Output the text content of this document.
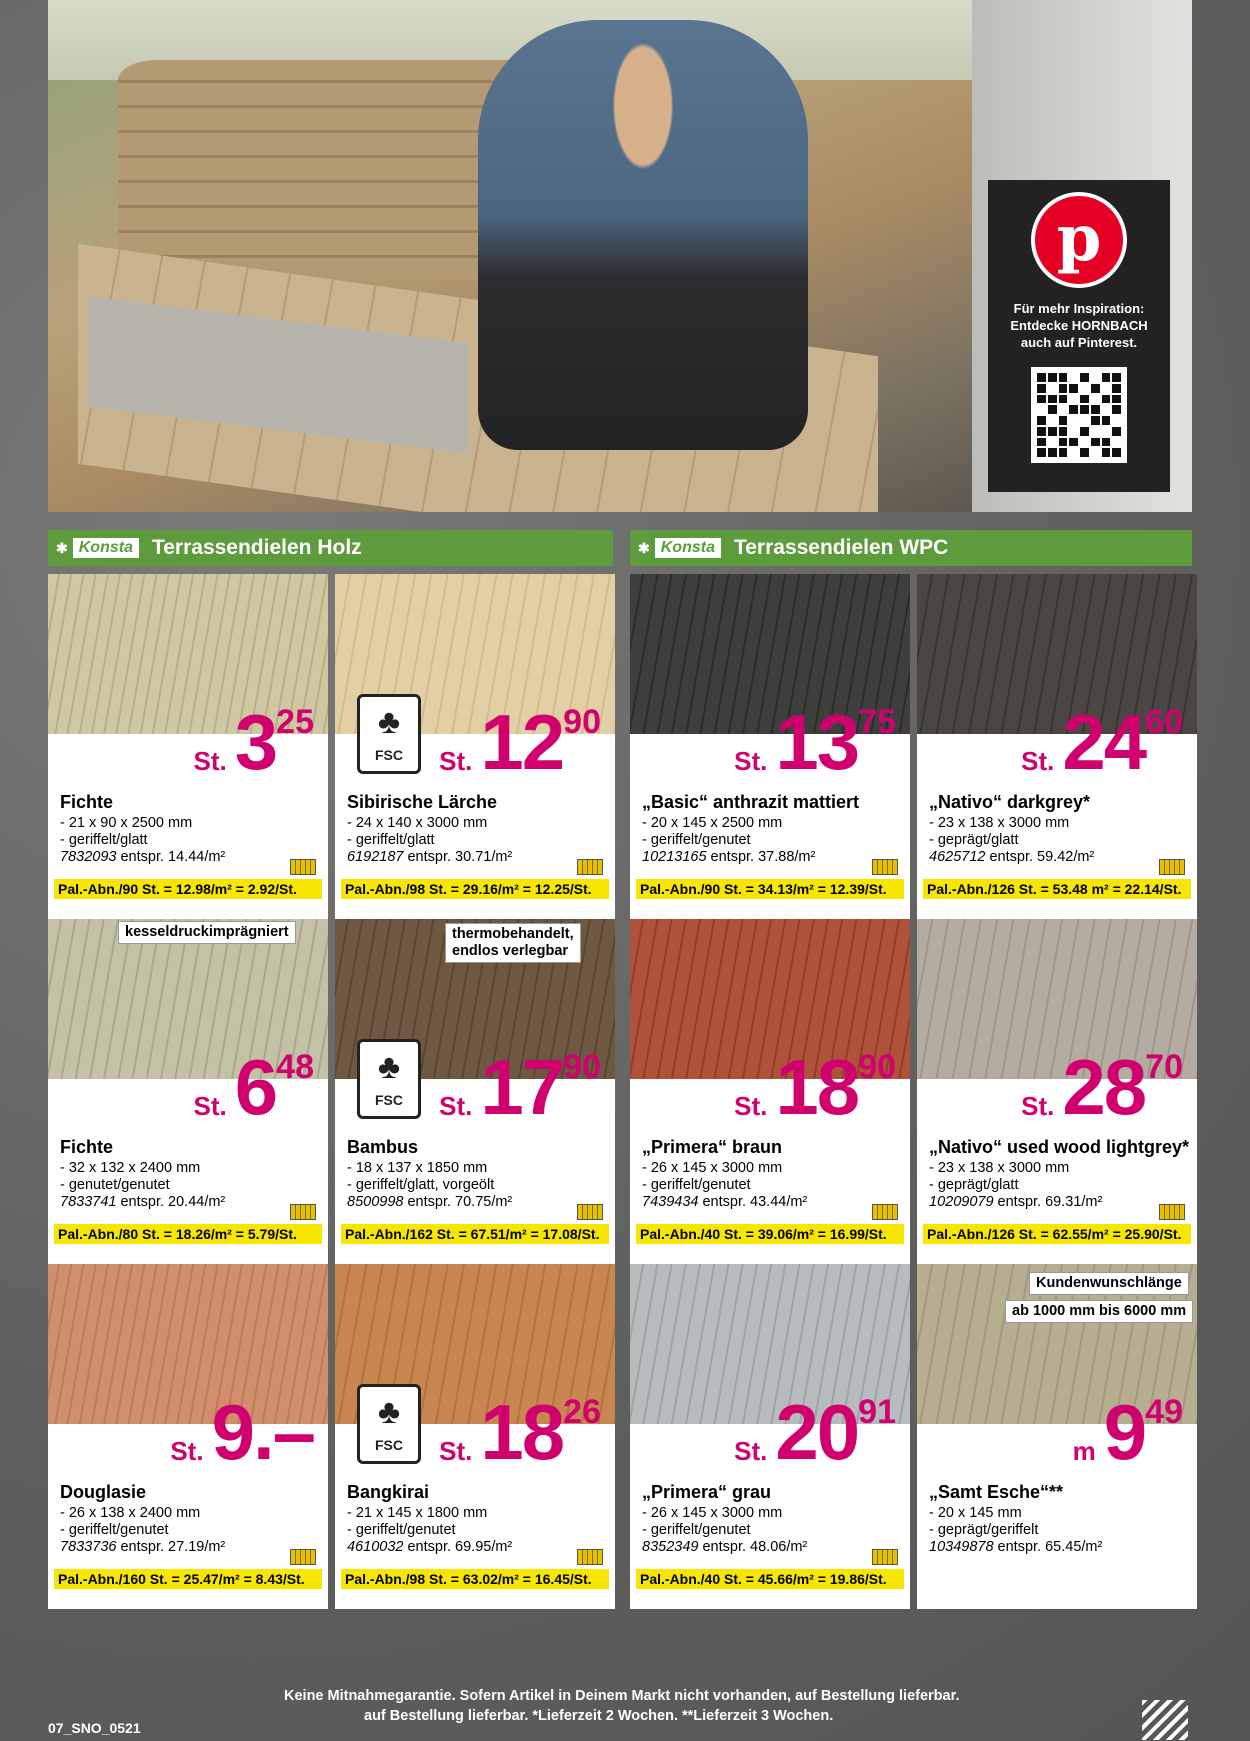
p
Für mehr Inspiration:
Entdecke HORNBACH
auch auf Pinterest.
✱ Konsta Terrassendielen Holz	✱ Konsta Terrassendielen WPC
St. 3 25
Fichte
- 21 x 90 x 2500 mm
- geriffelt/glatt
7832093 entspr. 14.44/m²
Pal.-Abn./90 St. = 12.98/m² = 2.92/St.
♣
FSC	St. 12 90
Sibirische Lärche
- 24 x 140 x 3000 mm
- geriffelt/glatt
6192187 entspr. 30.71/m²
Pal.-Abn./98 St. = 29.16/m² = 12.25/St.
St. 13 75
„Basic“ anthrazit mattiert
- 20 x 145 x 2500 mm
- geriffelt/genutet
10213165 entspr. 37.88/m²
Pal.-Abn./90 St. = 34.13/m² = 12.39/St.
St. 24 60
„Nativo“ darkgrey*
- 23 x 138 x 3000 mm
- geprägt/glatt
4625712 entspr. 59.42/m²
Pal.-Abn./126 St. = 53.48 m² = 22.14/St.
St. 6 48
Fichte
- 32 x 132 x 2400 mm
- genutet/genutet
7833741 entspr. 20.44/m²
Pal.-Abn./80 St. = 18.26/m² = 5.79/St.
kesseldruckimprägniert
♣
FSC	St. 17 90
Bambus
- 18 x 137 x 1850 mm
- geriffelt/glatt, vorgeölt
8500998 entspr. 70.75/m²
Pal.-Abn./162 St. = 67.51/m² = 17.08/St.
thermobehandelt,
endlos verlegbar
St. 18 90
„Primera“ braun
- 26 x 145 x 3000 mm
- geriffelt/genutet
7439434 entspr. 43.44/m²
Pal.-Abn./40 St. = 39.06/m² = 16.99/St.
St. 28 70
„Nativo“ used wood lightgrey*
- 23 x 138 x 3000 mm
- geprägt/glatt
10209079 entspr. 69.31/m²
Pal.-Abn./126 St. = 62.55/m² = 25.90/St.
St. 9.–
Douglasie
- 26 x 138 x 2400 mm
- geriffelt/genutet
7833736 entspr. 27.19/m²
Pal.-Abn./160 St. = 25.47/m² = 8.43/St.
♣
FSC	St. 18 26
Bangkirai
- 21 x 145 x 1800 mm
- geriffelt/genutet
4610032 entspr. 69.95/m²
Pal.-Abn./98 St. = 63.02/m² = 16.45/St.
St. 20 91
„Primera“ grau
- 26 x 145 x 3000 mm
- geriffelt/genutet
8352349 entspr. 48.06/m²
Pal.-Abn./40 St. = 45.66/m² = 19.86/St.
m 9 49
„Samt Esche“**
- 20 x 145 mm
- geprägt/geriffelt
10349878 entspr. 65.45/m²
Kundenwunschlänge
ab 1000 mm bis 6000 mm
Keine Mitnahmegarantie. Sofern Artikel in Deinem Markt nicht vorhanden, auf Bestellung lieferbar.
auf Bestellung lieferbar. *Lieferzeit 2 Wochen. **Lieferzeit 3 Wochen.
07_SNO_0521
